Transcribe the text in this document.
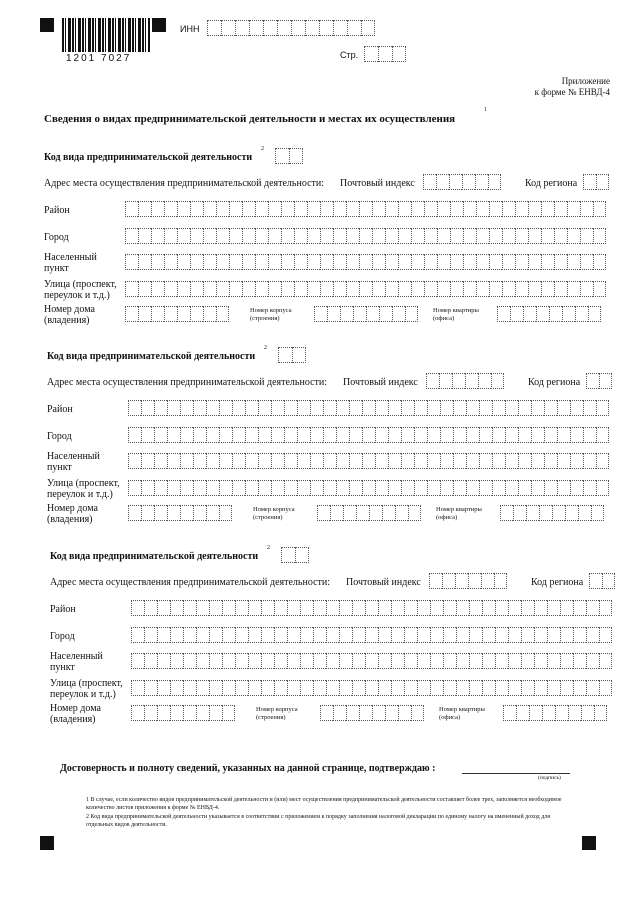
1201 7027
ИНН
Стр.
Приложение
к форме № ЕНВД-4
Сведения о видах предпринимательской деятельности и местах их осуществления
1
Код вида предпринимательской деятельности
2
Адрес места осуществления предпринимательской деятельности: Почтовый индекс	Код региона
Район
Город
Населенный пункт
Улица (проспект, переулок и т.д.)
Номер дома (владения)
Номер корпуса (строения)
Номер квартиры (офиса)
Код вида предпринимательской деятельности
2
Адрес места осуществления предпринимательской деятельности: Почтовый индекс	Код региона
Район
Город
Населенный пункт
Улица (проспект, переулок и т.д.)
Номер дома (владения)
Номер корпуса (строения)
Номер квартиры (офиса)
Код вида предпринимательской деятельности
2
Адрес места осуществления предпринимательской деятельности: Почтовый индекс	Код региона
Район
Город
Населенный пункт
Улица (проспект, переулок и т.д.)
Номер дома (владения)
Номер корпуса (строения)
Номер квартиры (офиса)
Достоверность и полноту сведений, указанных на данной странице, подтверждаю :
(подпись)
1 В случае, если количество видов предпринимательской деятельности и (или) мест осуществления предпринимательской деятельности составляет более трех, заполняется необходимое количество листов приложения к форме № ЕНВД-4.
2 Код вида предпринимательской деятельности указывается в соответствии с приложением к порядку заполнения налоговой декларации по единому налогу на вмененный доход для отдельных видов деятельности.
